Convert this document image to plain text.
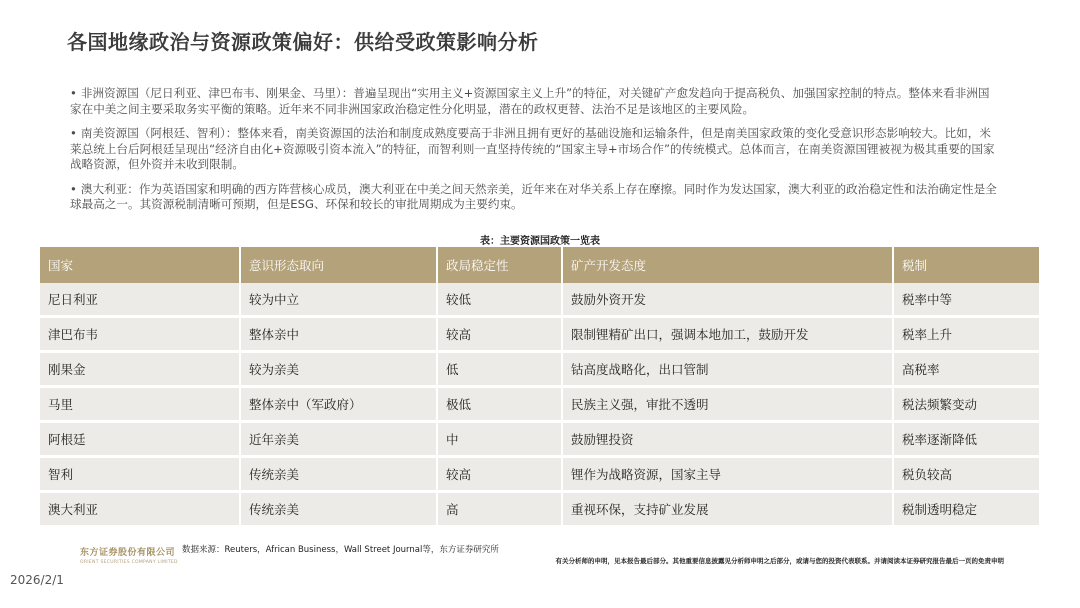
各国地缘政治与资源政策偏好：供给受政策影响分析

• 非洲资源国（尼日利亚、津巴布韦、刚果金、马里）：普遍呈现出“实用主义+资源国家主义上升”的特征，对关键矿产愈发趋向于提高税负、加强国家控制的特点。整体来看非洲国家在中美之间主要采取务实平衡的策略。近年来不同非洲国家政治稳定性分化明显，潜在的政权更替、法治不足是该地区的主要风险。

• 南美资源国（阿根廷、智利）：整体来看，南美资源国的法治和制度成熟度要高于非洲且拥有更好的基础设施和运输条件，但是南美国家政策的变化受意识形态影响较大。比如，米莱总统上台后阿根廷呈现出“经济自由化+资源吸引资本流入”的特征，而智利则一直坚持传统的“国家主导+市场合作”的传统模式。总体而言，在南美资源国锂被视为极其重要的国家战略资源，但外资并未收到限制。

• 澳大利亚：作为英语国家和明确的西方阵营核心成员，澳大利亚在中美之间天然亲美，近年来在对华关系上存在摩擦。同时作为发达国家，澳大利亚的政治稳定性和法治确定性是全球最高之一。其资源税制清晰可预期，但是ESG、环保和较长的审批周期成为主要约束。

表：主要资源国政策一览表
国家	意识形态取向	政局稳定性	矿产开发态度	税制
尼日利亚	较为中立	较低	鼓励外资开发	税率中等
津巴布韦	整体亲中	较高	限制锂精矿出口，强调本地加工，鼓励开发	税率上升
刚果金	较为亲美	低	钴高度战略化，出口管制	高税率
马里	整体亲中（军政府）	极低	民族主义强，审批不透明	税法频繁变动
阿根廷	近年亲美	中	鼓励锂投资	税率逐渐降低
智利	传统亲美	较高	锂作为战略资源，国家主导	税负较高
澳大利亚	传统亲美	高	重视环保，支持矿业发展	税制透明稳定
东方证券股份有限公司
ORIENT SECURITIES COMPANY LIMITED
数据来源：Reuters，African Business，Wall Street Journal等，东方证券研究所
有关分析师的申明，见本报告最后部分。其他重要信息披露见分析师申明之后部分，或请与您的投资代表联系。并请阅读本证券研究报告最后一页的免责申明
2026/2/1
